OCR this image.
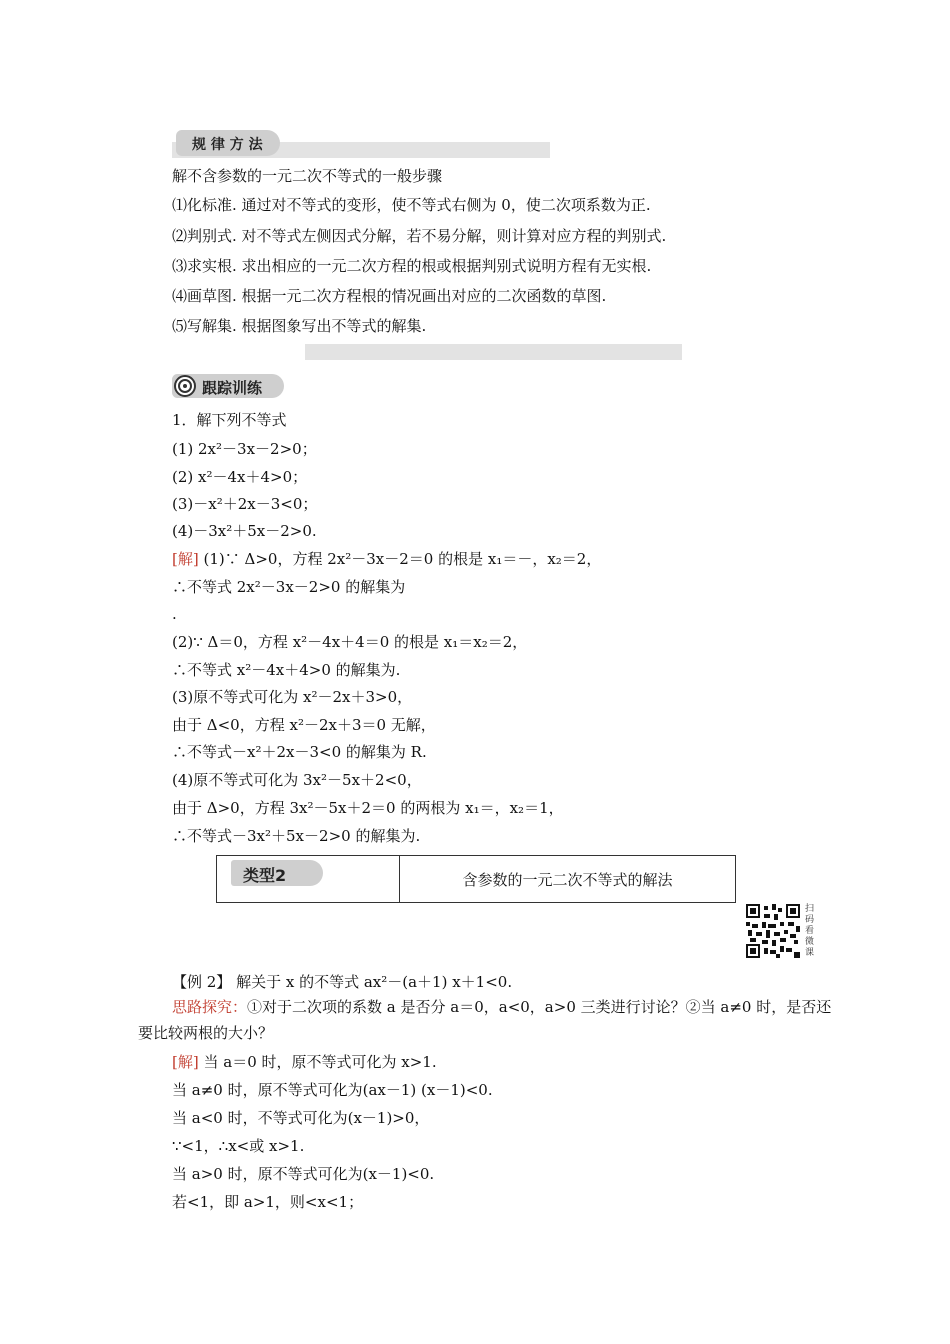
规 律 方 法
解不含参数的一元二次不等式的一般步骤
⑴化标准. 通过对不等式的变形，使不等式右侧为 0，使二次项系数为正.
⑵判别式. 对不等式左侧因式分解，若不易分解，则计算对应方程的判别式.
⑶求实根. 求出相应的一元二次方程的根或根据判别式说明方程有无实根.
⑷画草图. 根据一元二次方程根的情况画出对应的二次函数的草图.
⑸写解集. 根据图象写出不等式的解集.
跟踪训练
1．解下列不等式
(1) 2x²－3x－2>0；
(2) x²－4x＋4>0；
(3)－x²＋2x－3<0；
(4)－3x²＋5x－2>0.
[解] (1)∵ Δ>0，方程 2x²－3x－2＝0 的根是 x₁＝－，x₂＝2，
∴不等式 2x²－3x－2>0 的解集为
.
(2)∵ Δ＝0，方程 x²－4x＋4＝0 的根是 x₁＝x₂＝2，
∴不等式 x²－4x＋4>0 的解集为.
(3)原不等式可化为 x²－2x＋3>0，
由于 Δ<0，方程 x²－2x＋3＝0 无解，
∴不等式－x²＋2x－3<0 的解集为 R.
(4)原不等式可化为 3x²－5x＋2<0，
由于 Δ>0，方程 3x²－5x＋2＝0 的两根为 x₁＝，x₂＝1，
∴不等式－3x²＋5x－2>0 的解集为.
类型2	含参数的一元二次不等式的解法
扫
码
看
微
课
【例 2】 解关于 x 的不等式 ax²－(a＋1) x＋1<0.
思路探究：①对于二次项的系数 a 是否分 a＝0，a<0，a>0 三类进行讨论？②当 a≠0 时，是否还要比较两根的大小？
[解] 当 a＝0 时，原不等式可化为 x>1.
当 a≠0 时，原不等式可化为(ax－1) (x－1)<0.
当 a<0 时，不等式可化为(x－1)>0，
∵<1，∴x<或 x>1.
当 a>0 时，原不等式可化为(x－1)<0.
若<1，即 a>1，则<x<1；
